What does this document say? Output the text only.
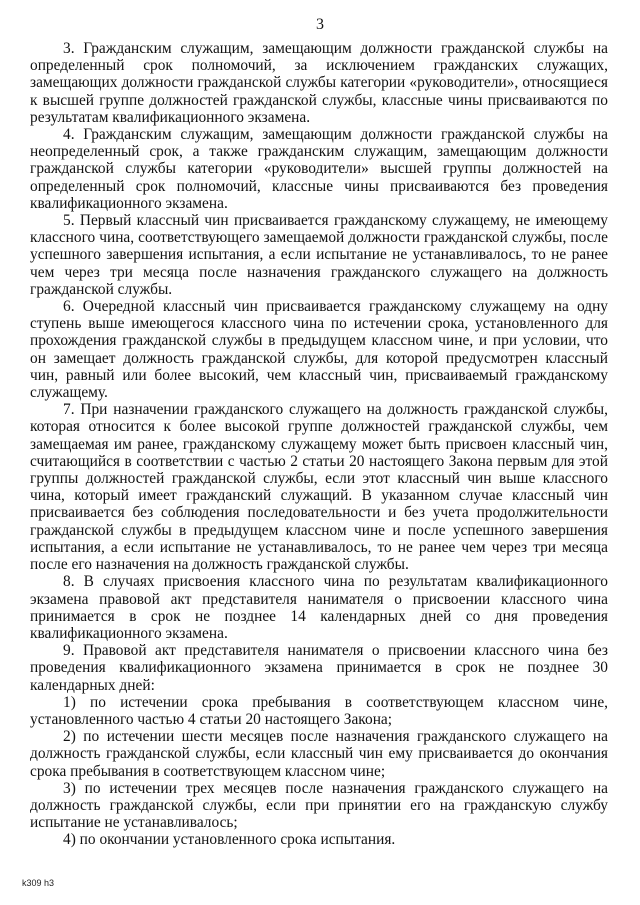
3

3. Гражданским служащим, замещающим должности гражданской службы на определенный срок полномочий, за исключением гражданских служащих, замещающих должности гражданской службы категории «руководители», относящиеся к высшей группе должностей гражданской службы, классные чины присваиваются по результатам квалификационного экзамена.

4. Гражданским служащим, замещающим должности гражданской службы на неопределенный срок, а также гражданским служащим, замещающим должности гражданской службы категории «руководители» высшей группы должностей на определенный срок полномочий, классные чины присваиваются без проведения квалификационного экзамена.

5. Первый классный чин присваивается гражданскому служащему, не имеющему классного чина, соответствующего замещаемой должности гражданской службы, после успешного завершения испытания, а если испытание не устанавливалось, то не ранее чем через три месяца после назначения гражданского служащего на должность гражданской службы.

6. Очередной классный чин присваивается гражданскому служащему на одну ступень выше имеющегося классного чина по истечении срока, установленного для прохождения гражданской службы в предыдущем классном чине, и при условии, что он замещает должность гражданской службы, для которой предусмотрен классный чин, равный или более высокий, чем классный чин, присваиваемый гражданскому служащему.

7. При назначении гражданского служащего на должность гражданской службы, которая относится к более высокой группе должностей гражданской службы, чем замещаемая им ранее, гражданскому служащему может быть присвоен классный чин, считающийся в соответствии с частью 2 статьи 20 настоящего Закона первым для этой группы должностей гражданской службы, если этот классный чин выше классного чина, который имеет гражданский служащий. В указанном случае классный чин присваивается без соблюдения последовательности и без учета продолжительности гражданской службы в предыдущем классном чине и после успешного завершения испытания, а если испытание не устанавливалось, то не ранее чем через три месяца после его назначения на должность гражданской службы.

8. В случаях присвоения классного чина по результатам квалификационного экзамена правовой акт представителя нанимателя о присвоении классного чина принимается в срок не позднее 14 календарных дней со дня проведения квалификационного экзамена.

9. Правовой акт представителя нанимателя о присвоении классного чина без проведения квалификационного экзамена принимается в срок не позднее 30 календарных дней:

1) по истечении срока пребывания в соответствующем классном чине, установленного частью 4 статьи 20 настоящего Закона;

2) по истечении шести месяцев после назначения гражданского служащего на должность гражданской службы, если классный чин ему присваивается до окончания срока пребывания в соответствующем классном чине;

3) по истечении трех месяцев после назначения гражданского служащего на должность гражданской службы, если при принятии его на гражданскую службу испытание не устанавливалось;

4) по окончании установленного срока испытания.

k309 h3
